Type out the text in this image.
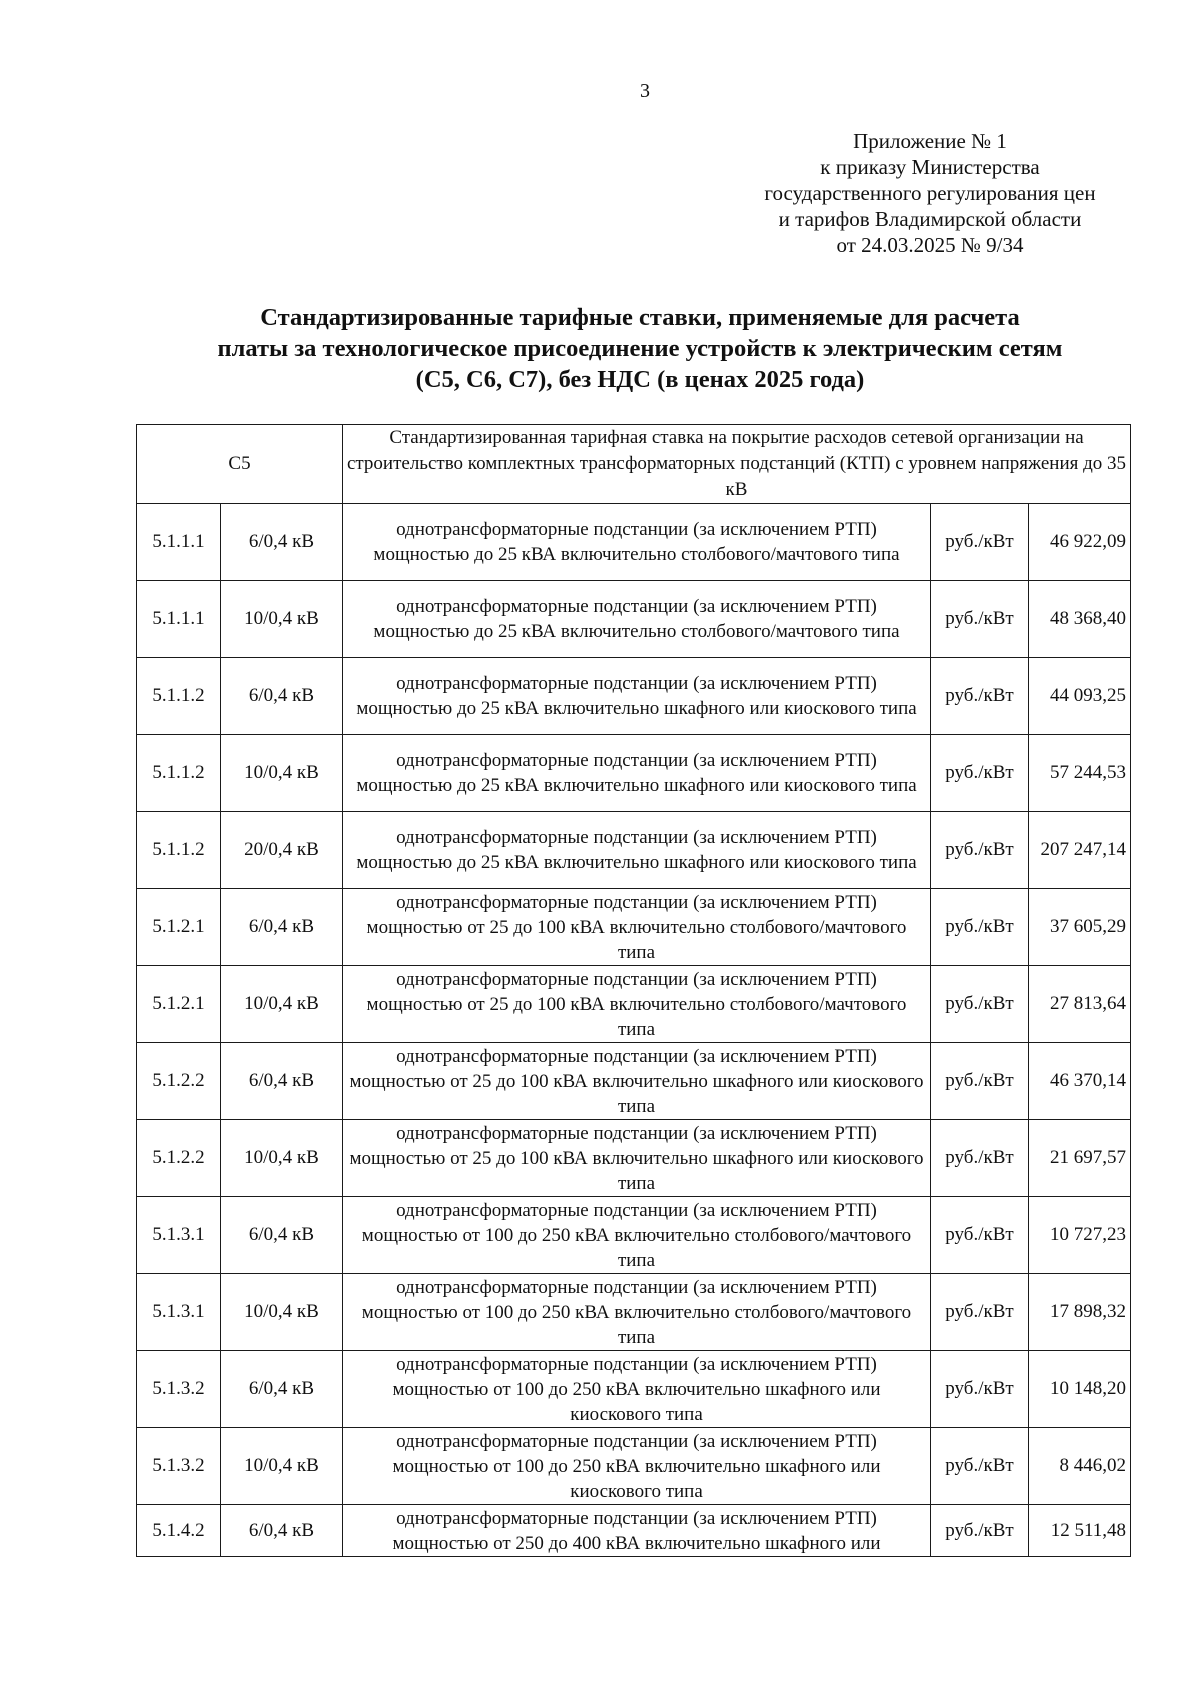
3
Приложение № 1
к приказу Министерства
государственного регулирования цен
и тарифов Владимирской области
от 24.03.2025 № 9/34
Стандартизированные тарифные ставки, применяемые для расчета
платы за технологическое присоединение устройств к электрическим сетям
(С5, С6, С7), без НДС (в ценах 2025 года)
С5		Стандартизированная тарифная ставка на покрытие расходов сетевой организации на строительство комплектных трансформаторных подстанций (КТП) с уровнем напряжения до 35 кВ		
5.1.1.1	6/0,4 кВ	однотрансформаторные подстанции (за исключением РТП) мощностью до 25 кВА включительно столбового/мачтового типа	руб./кВт	46 922,09
5.1.1.1	10/0,4 кВ	однотрансформаторные подстанции (за исключением РТП) мощностью до 25 кВА включительно столбового/мачтового типа	руб./кВт	48 368,40
5.1.1.2	6/0,4 кВ	однотрансформаторные подстанции (за исключением РТП) мощностью до 25 кВА включительно шкафного или киоскового типа	руб./кВт	44 093,25
5.1.1.2	10/0,4 кВ	однотрансформаторные подстанции (за исключением РТП) мощностью до 25 кВА включительно шкафного или киоскового типа	руб./кВт	57 244,53
5.1.1.2	20/0,4 кВ	однотрансформаторные подстанции (за исключением РТП) мощностью до 25 кВА включительно шкафного или киоскового типа	руб./кВт	207 247,14
5.1.2.1	6/0,4 кВ	однотрансформаторные подстанции (за исключением РТП) мощностью от 25 до 100 кВА включительно столбового/мачтового типа	руб./кВт	37 605,29
5.1.2.1	10/0,4 кВ	однотрансформаторные подстанции (за исключением РТП) мощностью от 25 до 100 кВА включительно столбового/мачтового типа	руб./кВт	27 813,64
5.1.2.2	6/0,4 кВ	однотрансформаторные подстанции (за исключением РТП) мощностью от 25 до 100 кВА включительно шкафного или киоскового типа	руб./кВт	46 370,14
5.1.2.2	10/0,4 кВ	однотрансформаторные подстанции (за исключением РТП) мощностью от 25 до 100 кВА включительно шкафного или киоскового типа	руб./кВт	21 697,57
5.1.3.1	6/0,4 кВ	однотрансформаторные подстанции (за исключением РТП) мощностью от 100 до 250 кВА включительно столбового/мачтового типа	руб./кВт	10 727,23
5.1.3.1	10/0,4 кВ	однотрансформаторные подстанции (за исключением РТП) мощностью от 100 до 250 кВА включительно столбового/мачтового типа	руб./кВт	17 898,32
5.1.3.2	6/0,4 кВ	однотрансформаторные подстанции (за исключением РТП) мощностью от 100 до 250 кВА включительно шкафного или киоскового типа	руб./кВт	10 148,20
5.1.3.2	10/0,4 кВ	однотрансформаторные подстанции (за исключением РТП) мощностью от 100 до 250 кВА включительно шкафного или киоскового типа	руб./кВт	8 446,02
5.1.4.2	6/0,4 кВ	однотрансформаторные подстанции (за исключением РТП) мощностью от 250 до 400 кВА включительно шкафного или	руб./кВт	12 511,48
